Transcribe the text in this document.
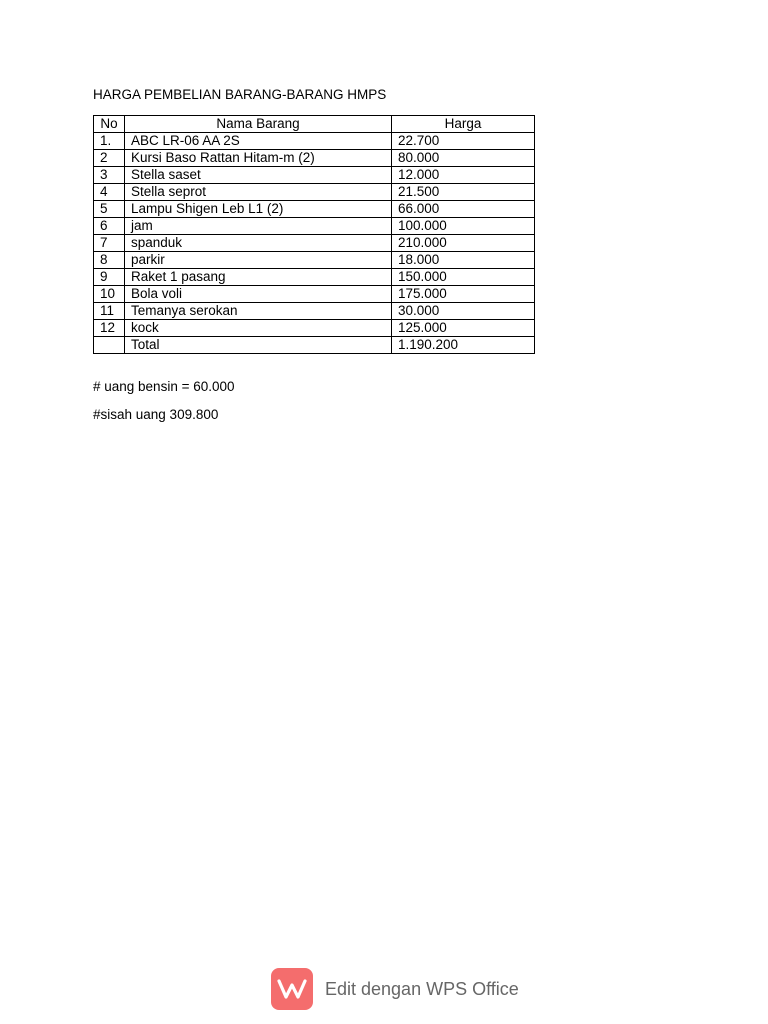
HARGA PEMBELIAN BARANG-BARANG HMPS
No	Nama Barang	Harga
1.	ABC LR-06 AA 2S	22.700
2	Kursi Baso Rattan Hitam-m (2)	80.000
3	Stella saset	12.000
4	Stella seprot	21.500
5	Lampu Shigen Leb L1 (2)	66.000
6	jam	100.000
7	spanduk	210.000
8	parkir	18.000
9	Raket 1 pasang	150.000
10	Bola voli	175.000
11	Temanya serokan	30.000
12	kock	125.000
	Total	1.190.200
# uang bensin = 60.000
#sisah uang 309.800
Edit dengan WPS Office
